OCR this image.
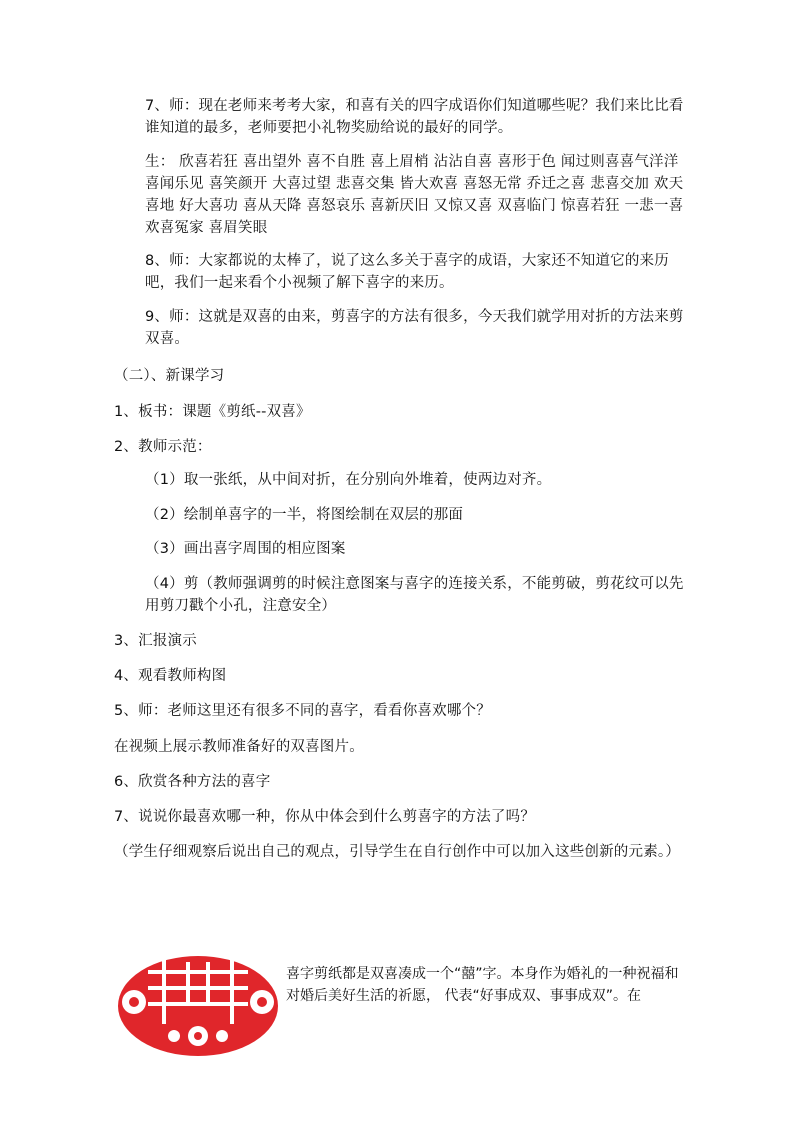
7、师：现在老师来考考大家，和喜有关的四字成语你们知道哪些呢？我们来比比看谁知道的最多，老师要把小礼物奖励给说的最好的同学。
生： 欣喜若狂 喜出望外 喜不自胜 喜上眉梢 沾沾自喜 喜形于色 闻过则喜喜气洋洋 喜闻乐见 喜笑颜开 大喜过望 悲喜交集 皆大欢喜 喜怒无常 乔迁之喜 悲喜交加 欢天喜地 好大喜功 喜从天降 喜怒哀乐 喜新厌旧 又惊又喜 双喜临门 惊喜若狂 一悲一喜 欢喜冤家 喜眉笑眼
8、师：大家都说的太棒了，说了这么多关于喜字的成语，大家还不知道它的来历吧，我们一起来看个小视频了解下喜字的来历。
9、师：这就是双喜的由来，剪喜字的方法有很多，今天我们就学用对折的方法来剪双喜。
（二）、新课学习
1、板书：课题《剪纸--双喜》
2、教师示范：
（1）取一张纸，从中间对折，在分别向外堆着，使两边对齐。
（2）绘制单喜字的一半，将图绘制在双层的那面
（3）画出喜字周围的相应图案
（4）剪（教师强调剪的时候注意图案与喜字的连接关系，不能剪破，剪花纹可以先用剪刀戳个小孔，注意安全）
3、汇报演示
4、观看教师构图
5、师：老师这里还有很多不同的喜字，看看你喜欢哪个？
在视频上展示教师准备好的双喜图片。
6、欣赏各种方法的喜字
7、说说你最喜欢哪一种，你从中体会到什么剪喜字的方法了吗？
（学生仔细观察后说出自己的观点，引导学生在自行创作中可以加入这些创新的元素。）
喜字剪纸都是双喜凑成一个“囍”字。本身作为婚礼的一种祝福和对婚后美好生活的祈愿， 代表“好事成双、事事成双”。在
